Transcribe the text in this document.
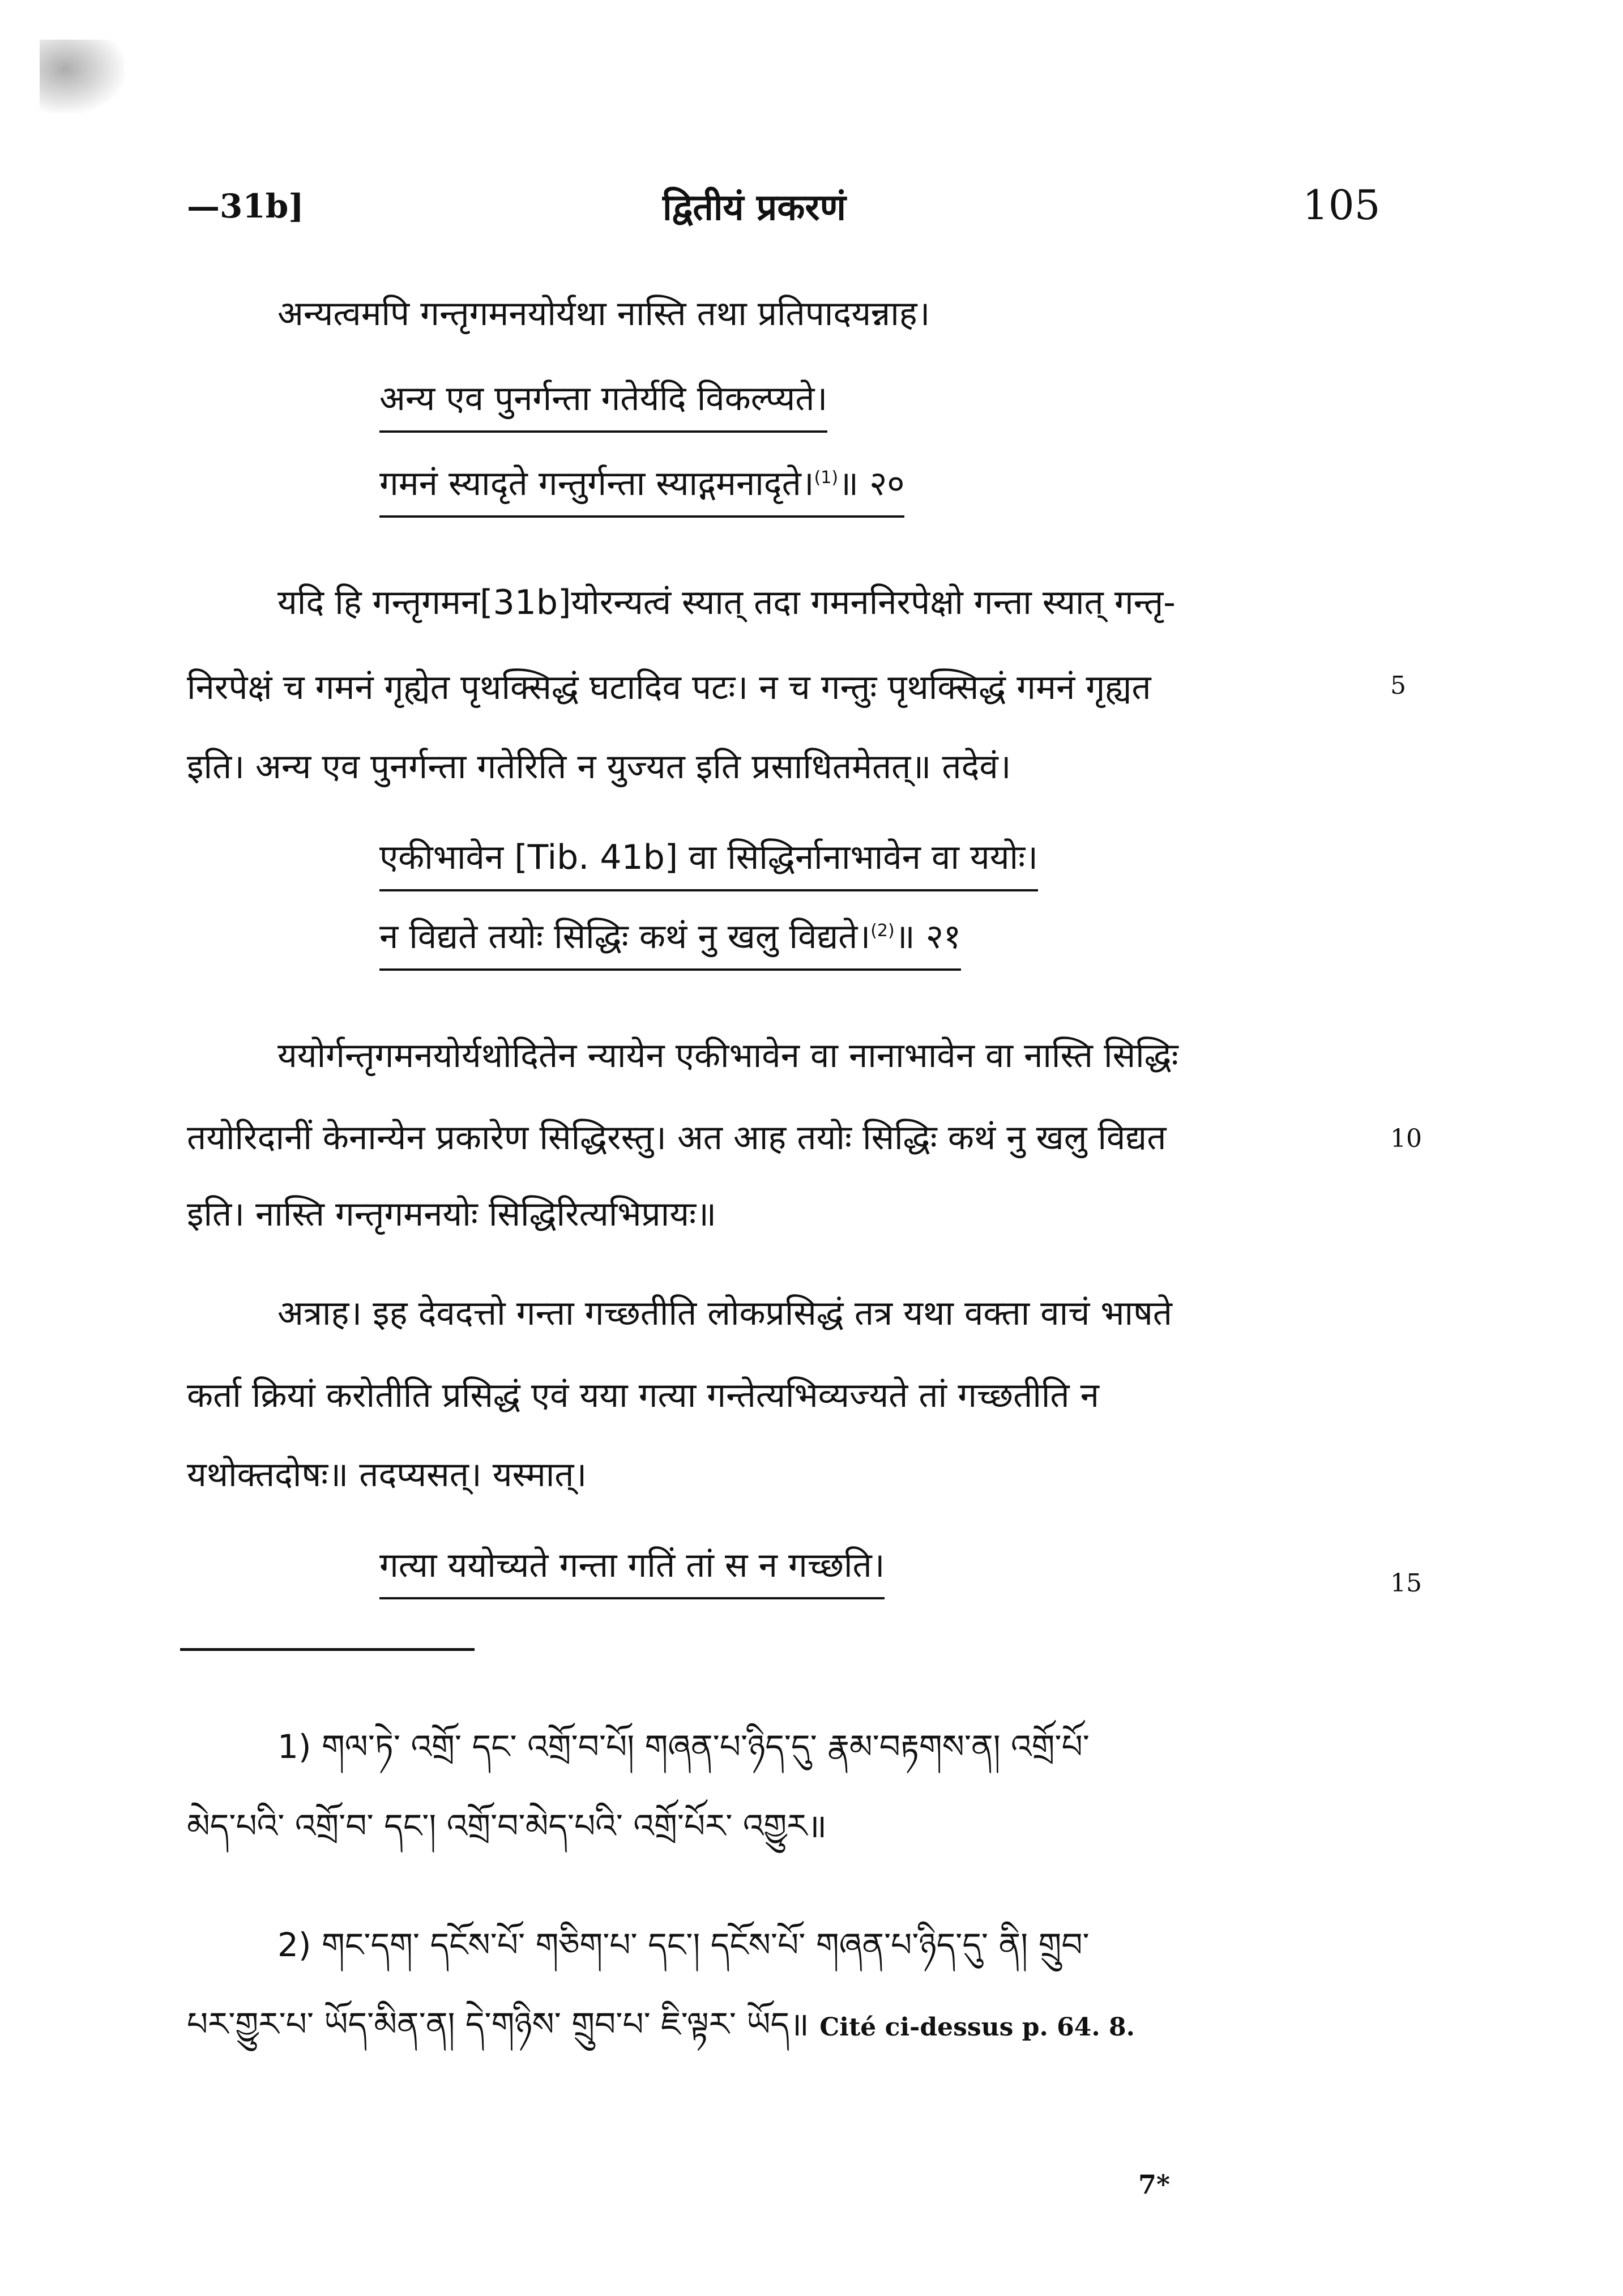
—31b]	द्वितीयं प्रकरणं	105
अन्यत्वमपि गन्तृगमनयोर्यथा नास्ति तथा प्रतिपादयन्नाह।
अन्य एव पुनर्गन्ता गतेर्यदि विकल्प्यते।
गमनं स्यादृते गन्तुर्गन्ता स्याद्गमनादृते।$^{(1)}$॥ २०
यदि हि गन्तृगमन[31b]योरन्यत्वं स्यात् तदा गमननिरपेक्षो गन्ता स्यात् गन्तृ-
निरपेक्षं च गमनं गृह्येत पृथक्सिद्धं घटादिव पटः। न च गन्तुः पृथक्सिद्धं गमनं गृह्यत	5
इति। अन्य एव पुनर्गन्ता गतेरिति न युज्यत इति प्रसाधितमेतत्॥ तदेवं।
एकीभावेन [Tib. 41b] वा सिद्धिर्नानाभावेन वा ययोः।
न विद्यते तयोः सिद्धिः कथं नु खलु विद्यते।$^{(2)}$॥ २१
ययोर्गन्तृगमनयोर्यथोदितेन न्यायेन एकीभावेन वा नानाभावेन वा नास्ति सिद्धिः
तयोरिदानीं केनान्येन प्रकारेण सिद्धिरस्तु। अत आह तयोः सिद्धिः कथं नु खलु विद्यत	10
इति। नास्ति गन्तृगमनयोः सिद्धिरित्यभिप्रायः॥
अत्राह। इह देवदत्तो गन्ता गच्छतीति लोकप्रसिद्धं तत्र यथा वक्ता वाचं भाषते
कर्ता क्रियां करोतीति प्रसिद्धं एवं यया गत्या गन्तेत्यभिव्यज्यते तां गच्छतीति न
यथोक्तदोषः॥ तदप्यसत्। यस्मात्।
गत्या ययोच्यते गन्ता गतिं तां स न गच्छति।	15
1) གལ་ཏེ་ འགྲོ་ དང་ འགྲོ་བ་པོ། གཞན་པ་ཉིད་དུ་ རྣམ་བརྟགས་ན། འགྲོ་པོ་
མེད་པའི་ འགྲོ་བ་ དང་། འགྲོ་བ་མེད་པའི་ འགྲོ་པོར་ འགྱུར॥
2) གང་དག་ དངོས་པོ་ གཅིག་པ་ དང་། དངོས་པོ་ གཞན་པ་ཉིད་དུ་ ནི། གྲུབ་
པར་གྱུར་པ་ ཡོད་མིན་ན། དེ་གཉིས་ གྲུབ་པ་ ཇི་ལྟར་ ཡོད॥ Cité ci-dessus p. 64. 8.
7*
